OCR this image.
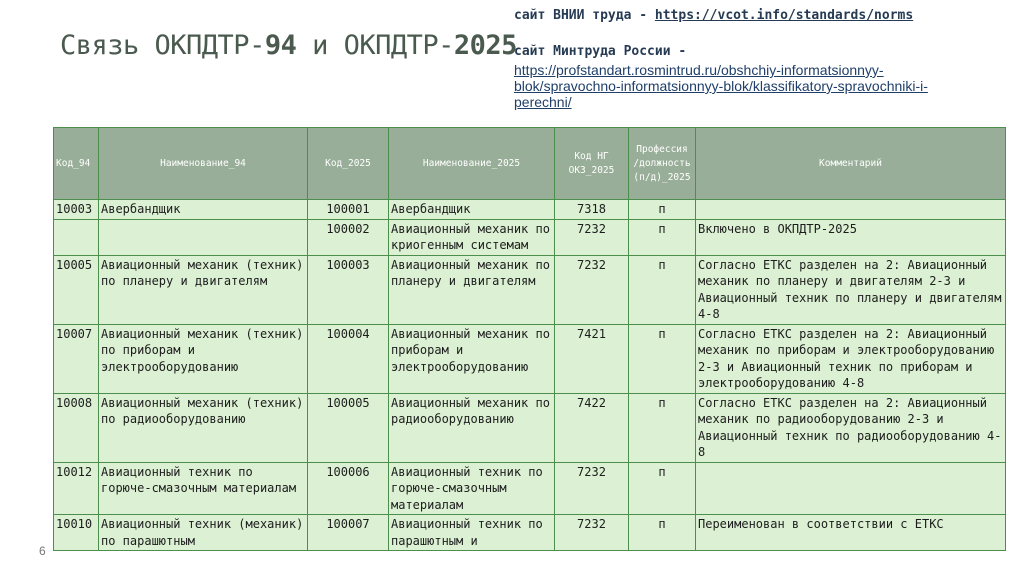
Связь ОКПДТР-94 и ОКПДТР-2025
сайт ВНИИ труда - https://vcot.info/standards/norms
сайт Минтруда России -
https://profstandart.rosmintrud.ru/obshchiy-informatsionnyy-blok/spravochno-informatsionnyy-blok/klassifikatory-spravochniki-i-perechni/
Код_94	Наименование_94	Код_2025	Наименование_2025	Код НГ ОКЗ_2025	Профессия /должность (п/д)_2025	Комментарий
10003	Авербандщик	100001	Авербандщик	7318	п	
		100002	Авиационный механик по криогенным системам	7232	п	Включено в ОКПДТР-2025
10005	Авиационный механик (техник) по планеру и двигателям	100003	Авиационный механик по планеру и двигателям	7232	п	Согласно ЕТКС разделен на 2: Авиационный механик по планеру и двигателям 2-3 и Авиационный техник по планеру и двигателям 4-8
10007	Авиационный механик (техник) по приборам и электрооборудованию	100004	Авиационный механик по приборам и электрооборудованию	7421	п	Согласно ЕТКС разделен на 2: Авиационный механик по приборам и электрооборудованию 2-3 и Авиационный техник по приборам и электрооборудованию 4-8
10008	Авиационный механик (техник) по радиооборудованию	100005	Авиационный механик по радиооборудованию	7422	п	Согласно ЕТКС разделен на 2: Авиационный механик по радиооборудованию 2-3 и Авиационный техник по радиооборудованию 4-8
10012	Авиационный техник по горюче-смазочным материалам	100006	Авиационный техник по горюче-смазочным материалам	7232	п	
10010	Авиационный техник (механик) по парашютным	100007	Авиационный техник по парашютным и	7232	п	Переименован в соответствии с ЕТКС
6
